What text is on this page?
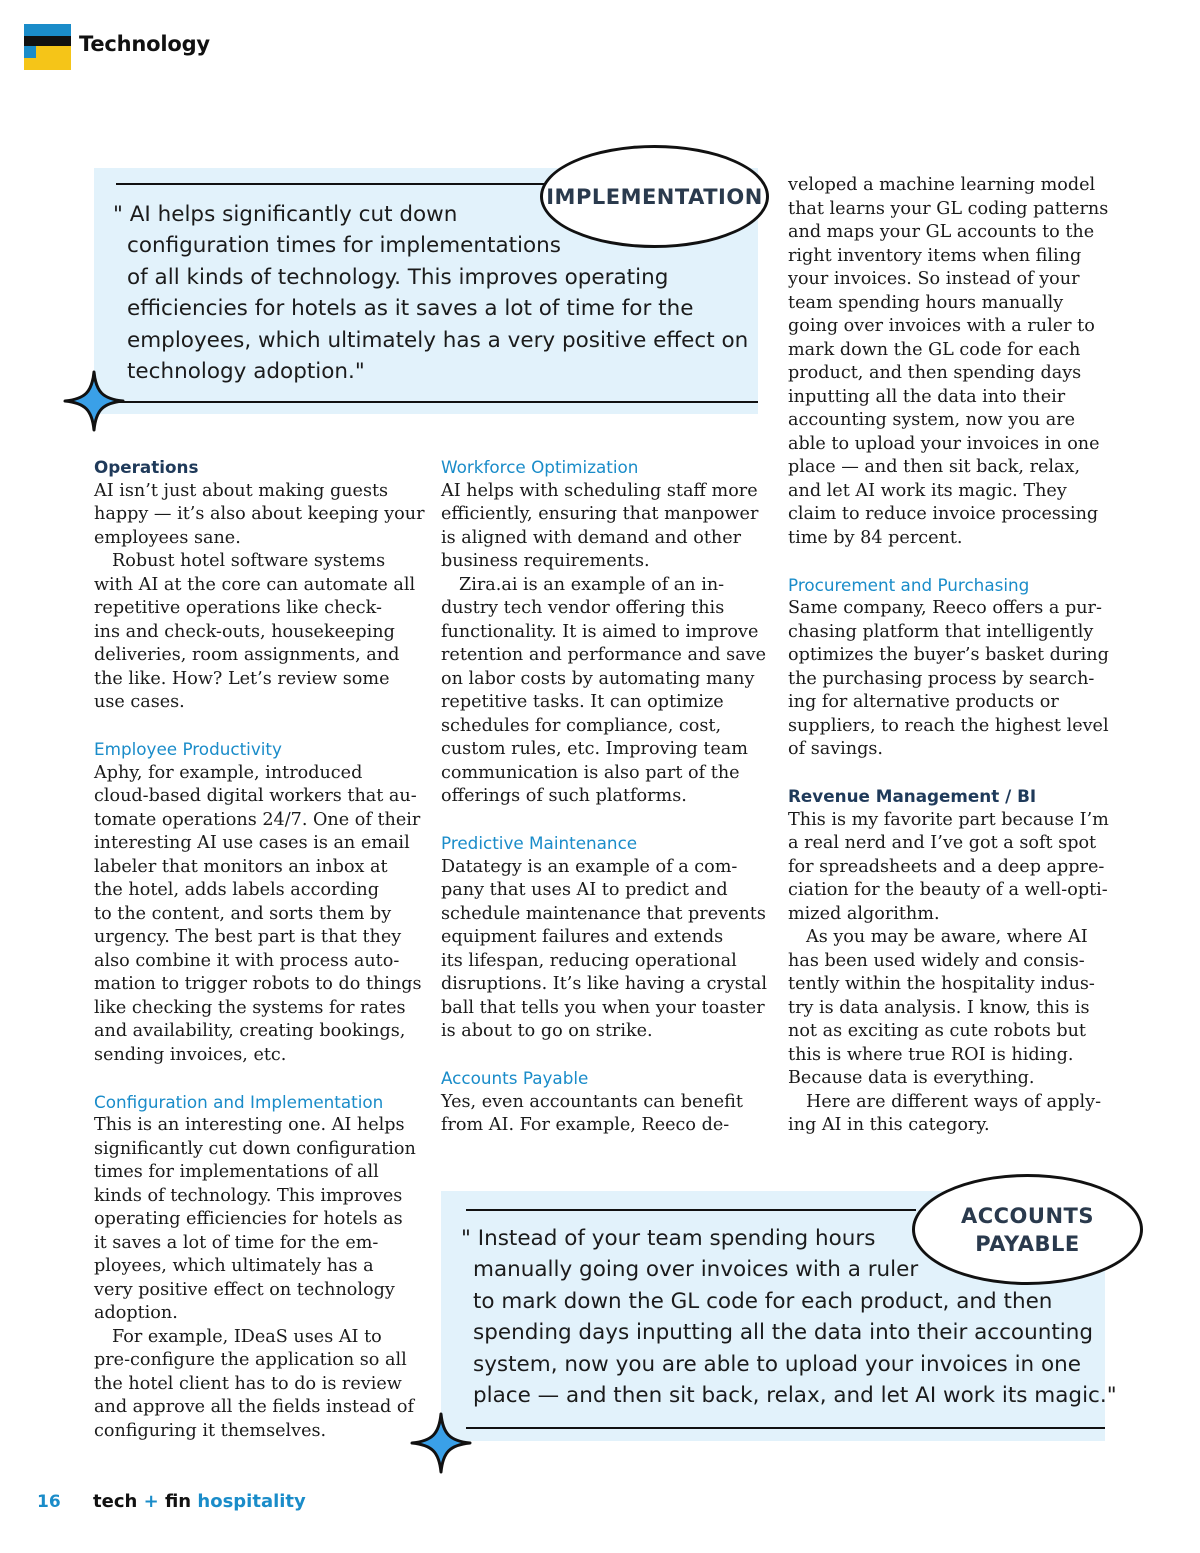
Technology
IMPLEMENTATION
" AI helps significantly cut down
configuration times for implementations
of all kinds of technology. This improves operating
efficiencies for hotels as it saves a lot of time for the
employees, which ultimately has a very positive effect on
technology adoption."
Operations
AI isn’t just about making guests
happy — it’s also about keeping your
employees sane.
Robust hotel software systems
with AI at the core can automate all
repetitive operations like check-
ins and check-outs, housekeeping
deliveries, room assignments, and
the like. How? Let’s review some
use cases.
Employee Productivity
Aphy, for example, introduced
cloud-based digital workers that au-
tomate operations 24/7. One of their
interesting AI use cases is an email
labeler that monitors an inbox at
the hotel, adds labels according
to the content, and sorts them by
urgency. The best part is that they
also combine it with process auto-
mation to trigger robots to do things
like checking the systems for rates
and availability, creating bookings,
sending invoices, etc.
Configuration and Implementation
This is an interesting one. AI helps
significantly cut down configuration
times for implementations of all
kinds of technology. This improves
operating efficiencies for hotels as
it saves a lot of time for the em-
ployees, which ultimately has a
very positive effect on technology
adoption.
For example, IDeaS uses AI to
pre-configure the application so all
the hotel client has to do is review
and approve all the fields instead of
configuring it themselves.
Workforce Optimization
AI helps with scheduling staff more
efficiently, ensuring that manpower
is aligned with demand and other
business requirements.
Zira.ai is an example of an in-
dustry tech vendor offering this
functionality. It is aimed to improve
retention and performance and save
on labor costs by automating many
repetitive tasks. It can optimize
schedules for compliance, cost,
custom rules, etc. Improving team
communication is also part of the
offerings of such platforms.
Predictive Maintenance
Datategy is an example of a com-
pany that uses AI to predict and
schedule maintenance that prevents
equipment failures and extends
its lifespan, reducing operational
disruptions. It’s like having a crystal
ball that tells you when your toaster
is about to go on strike.
Accounts Payable
Yes, even accountants can benefit
from AI. For example, Reeco de-
veloped a machine learning model
that learns your GL coding patterns
and maps your GL accounts to the
right inventory items when filing
your invoices. So instead of your
team spending hours manually
going over invoices with a ruler to
mark down the GL code for each
product, and then spending days
inputting all the data into their
accounting system, now you are
able to upload your invoices in one
place — and then sit back, relax,
and let AI work its magic. They
claim to reduce invoice processing
time by 84 percent.
Procurement and Purchasing
Same company, Reeco offers a pur-
chasing platform that intelligently
optimizes the buyer’s basket during
the purchasing process by search-
ing for alternative products or
suppliers, to reach the highest level
of savings.
Revenue Management / BI
This is my favorite part because I’m
a real nerd and I’ve got a soft spot
for spreadsheets and a deep appre-
ciation for the beauty of a well-opti-
mized algorithm.
As you may be aware, where AI
has been used widely and consis-
tently within the hospitality indus-
try is data analysis. I know, this is
not as exciting as cute robots but
this is where true ROI is hiding.
Because data is everything.
Here are different ways of apply-
ing AI in this category.
ACCOUNTS
PAYABLE
" Instead of your team spending hours
manually going over invoices with a ruler
to mark down the GL code for each product, and then
spending days inputting all the data into their accounting
system, now you are able to upload your invoices in one
place — and then sit back, relax, and let AI work its magic."
16 tech + fin hospitality
